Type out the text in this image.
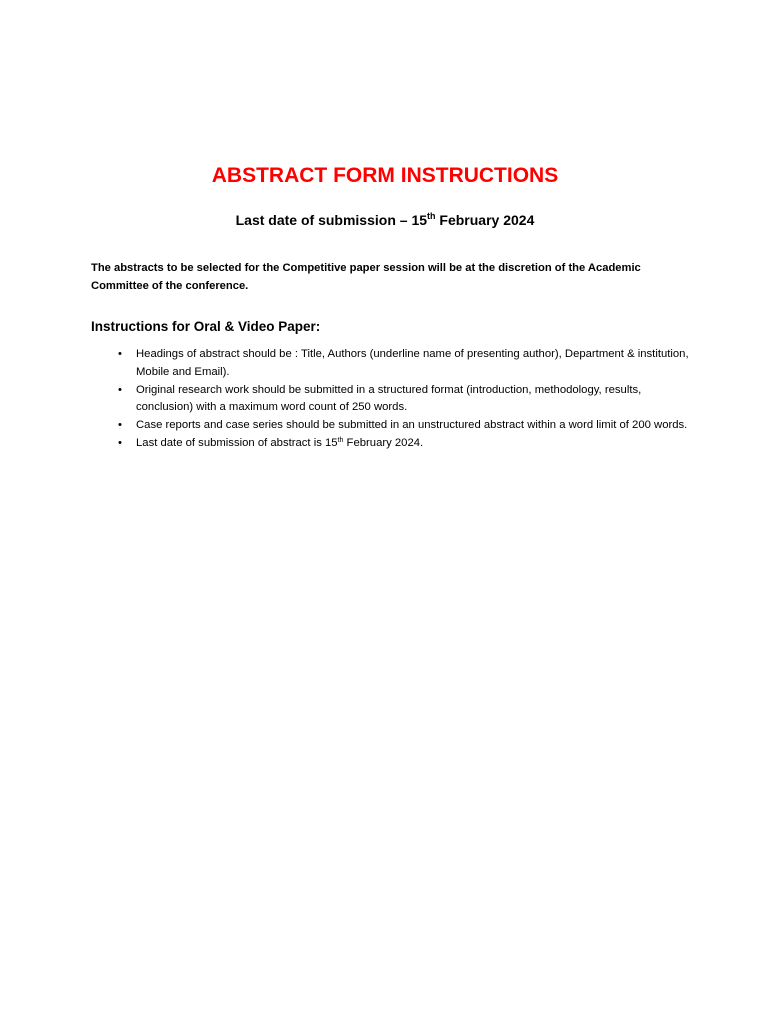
ABSTRACT FORM INSTRUCTIONS

Last date of submission – 15th February 2024

The abstracts to be selected for the Competitive paper session will be at the discretion of the Academic Committee of the conference.

Instructions for Oral & Video Paper:
• Headings of abstract should be : Title, Authors (underline name of presenting author), Department & institution, Mobile and Email).
• Original research work should be submitted in a structured format (introduction, methodology, results, conclusion) with a maximum word count of 250 words.
• Case reports and case series should be submitted in an unstructured abstract within a word limit of 200 words.
• Last date of submission of abstract is 15th February 2024.
